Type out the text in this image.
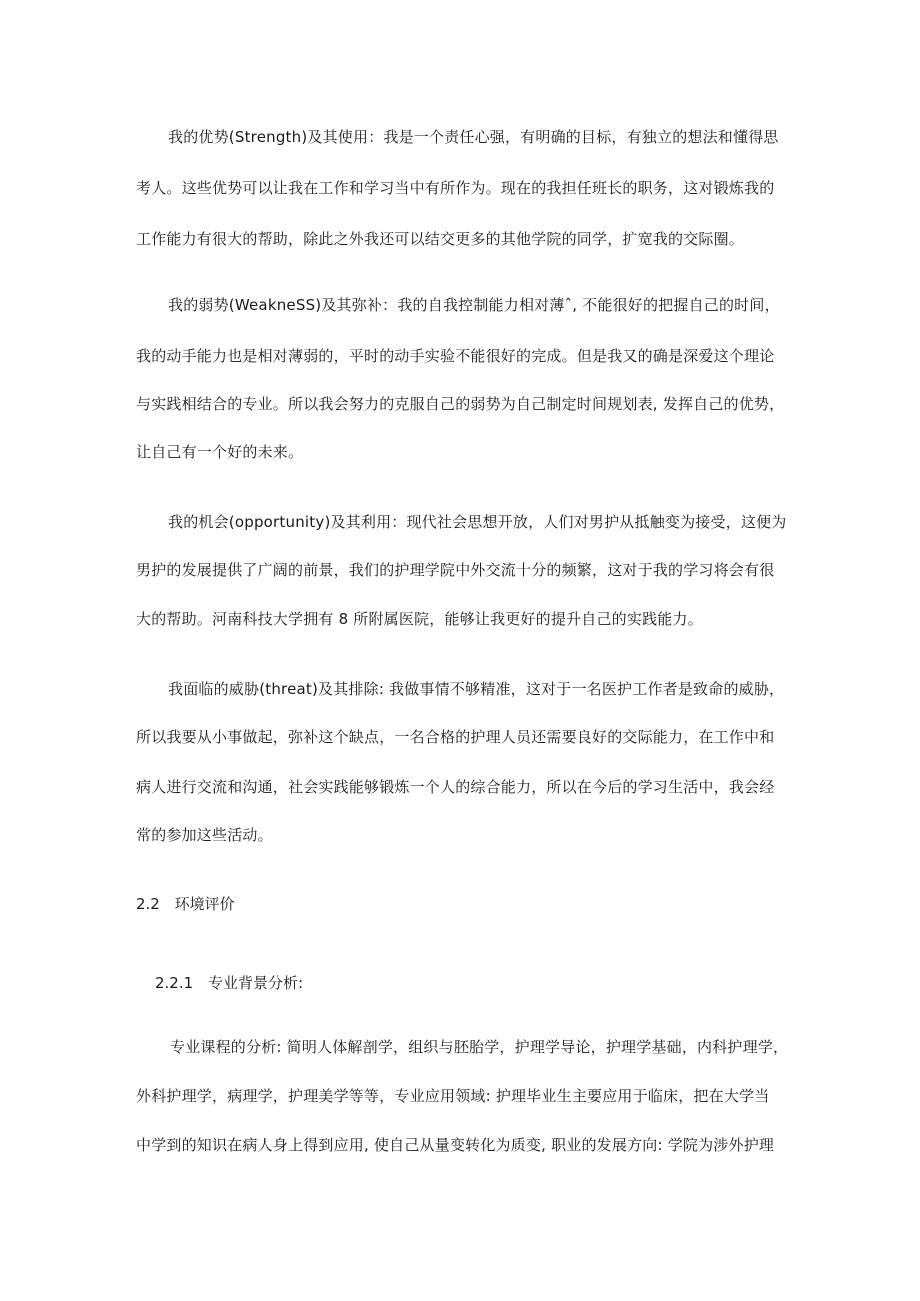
我的优势(Strength)及其使用：我是一个责任心强，有明确的目标，有独立的想法和懂得思
考人。这些优势可以让我在工作和学习当中有所作为。现在的我担任班长的职务，这对锻炼我的
工作能力有很大的帮助，除此之外我还可以结交更多的其他学院的同学，扩宽我的交际圈。
我的弱势(WeakneSS)及其弥补：我的自我控制能力相对薄ˆ, 不能很好的把握自己的时间，
我的动手能力也是相对薄弱的，平时的动手实验不能很好的完成。但是我又的确是深爱这个理论
与实践相结合的专业。所以我会努力的克服自己的弱势为自己制定时间规划表, 发挥自己的优势，
让自己有一个好的未来。
我的机会(opportunity)及其利用：现代社会思想开放，人们对男护从抵触变为接受，这便为
男护的发展提供了广阔的前景，我们的护理学院中外交流十分的频繁，这对于我的学习将会有很
大的帮助。河南科技大学拥有 8 所附属医院，能够让我更好的提升自己的实践能力。
我面临的威胁(threat)及其排除: 我做事情不够精准，这对于一名医护工作者是致命的威胁，
所以我要从小事做起，弥补这个缺点，一名合格的护理人员还需要良好的交际能力，在工作中和
病人进行交流和沟通，社会实践能够锻炼一个人的综合能力，所以在今后的学习生活中，我会经
常的参加这些活动。
2.2 环境评价
2.2.1 专业背景分析:
专业课程的分析: 简明人体解剖学，组织与胚胎学，护理学导论，护理学基础，内科护理学，
外科护理学，病理学，护理美学等等，专业应用领域: 护理毕业生主要应用于临床，把在大学当
中学到的知识在病人身上得到应用, 使自己从量变转化为质变, 职业的发展方向: 学院为涉外护理
